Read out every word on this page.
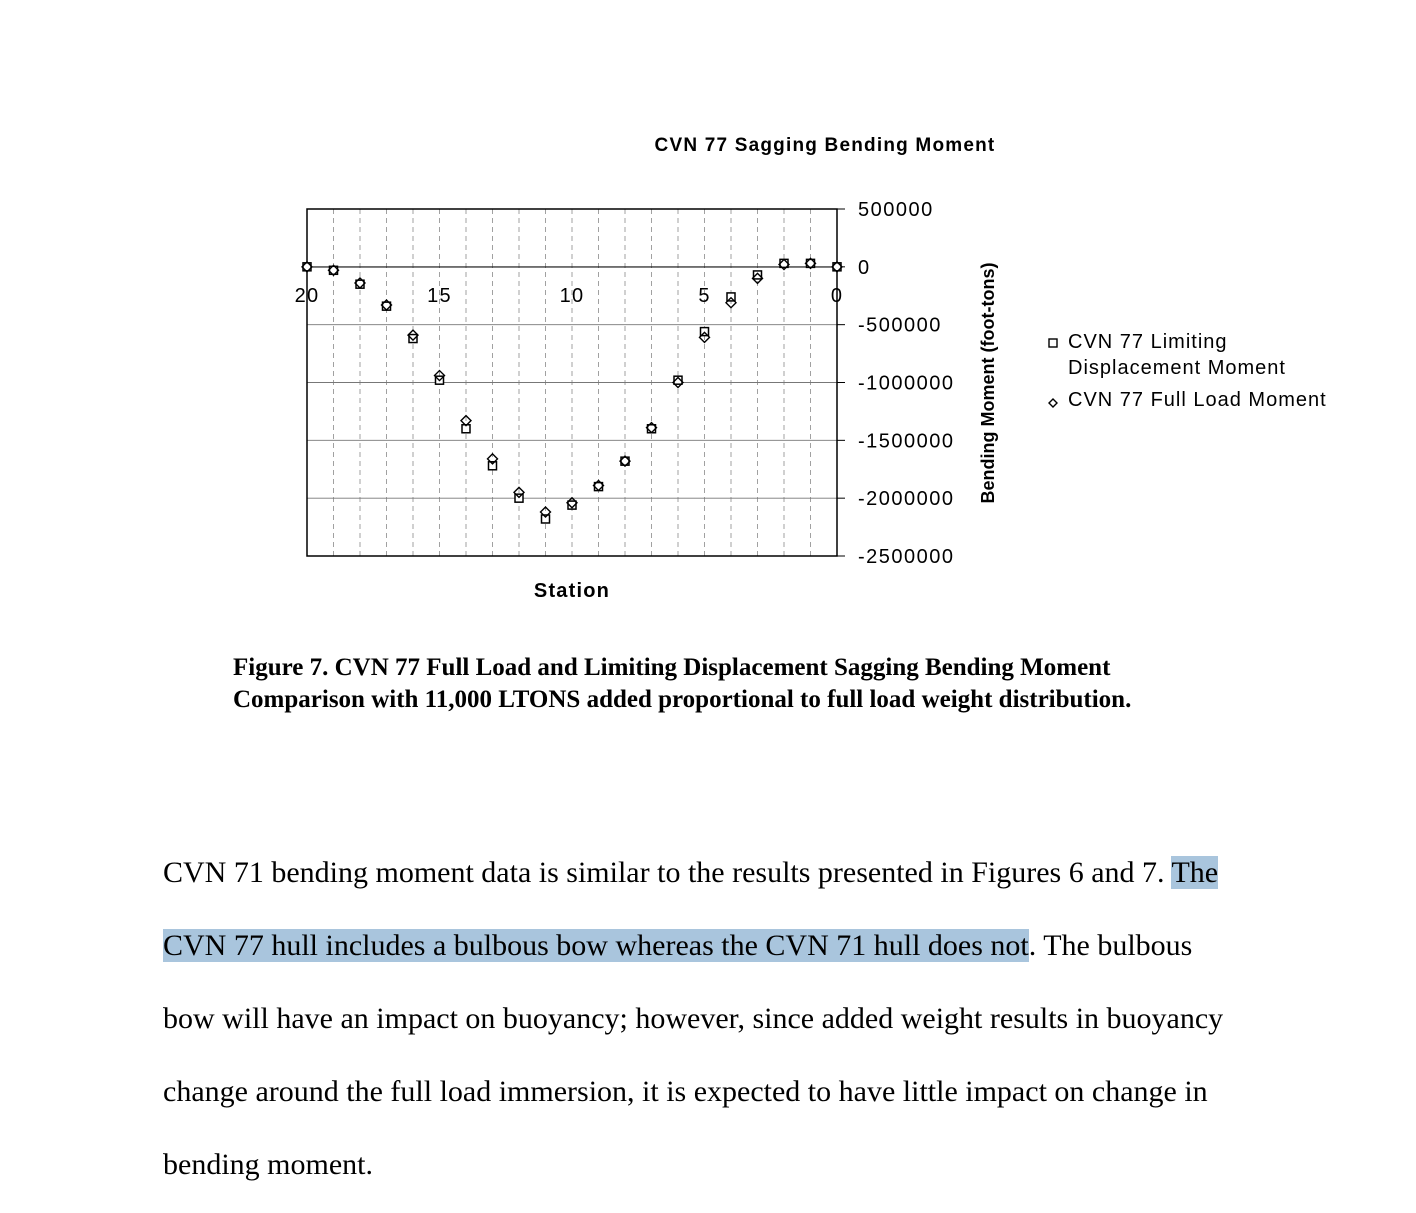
CVN 77 Sagging Bending Moment
500000
0
-500000
-1000000
-1500000
-2000000
-2500000
20	15	10	5	0
Station
Bending Moment (foot-tons)	CVN 77 Limiting
Displacement Moment
CVN 77 Full Load Moment

Figure 7. CVN 77 Full Load and Limiting Displacement Sagging Bending Moment
Comparison with 11,000 LTONS added proportional to full load weight distribution.

CVN 71 bending moment data is similar to the results presented in Figures 6 and 7. The
CVN 77 hull includes a bulbous bow whereas the CVN 71 hull does not. The bulbous
bow will have an impact on buoyancy; however, since added weight results in buoyancy
change around the full load immersion, it is expected to have little impact on change in
bending moment.
